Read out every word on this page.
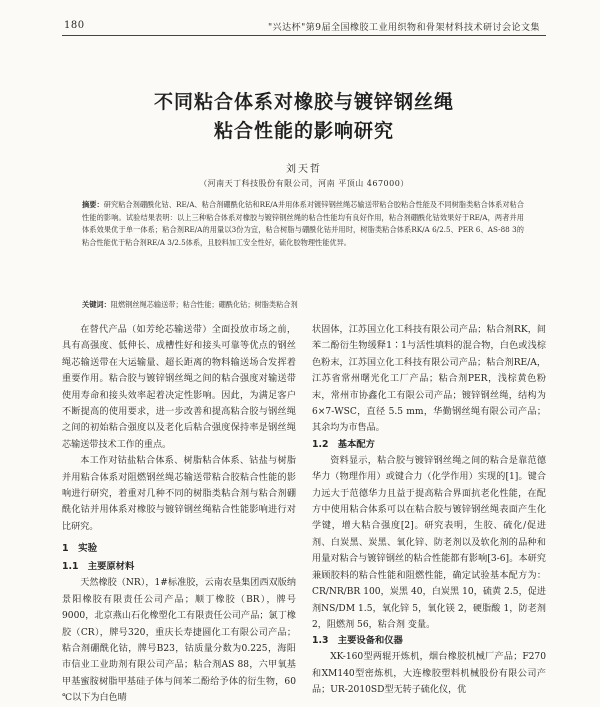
180	"兴达杯"第9届全国橡胶工业用织物和骨架材料技术研讨会论文集
不同粘合体系对橡胶与镀锌钢丝绳
粘合性能的影响研究
刘天哲
（河南天丁科技股份有限公司，河南 平顶山 467000）
摘要：研究粘合剂硼酰化钴、RE/A、粘合剂硼酰化钴和RE/A并用体系对镀锌钢丝绳芯输送带粘合胶粘合性能及不同树脂类粘合体系对粘合性能的影响。试验结果表明：以上三种粘合体系对橡胶与镀锌钢丝绳的粘合性能均有良好作用，粘合剂硼酰化钴效果好于RE/A，两者并用体系效果优于单一体系；粘合剂RE/A的用量以3份为宜，粘合树脂与硼酰化钴并用时，树脂类粘合体系RK/A 6/2.5、PER 6、AS-88 3的粘合性能优于粘合剂RE/A 3/2.5体系，且胶料加工安全性好，硫化胶物理性能优异。
关键词：阻燃钢丝绳芯输送带；粘合性能；硼酰化钴；树脂类粘合剂

在替代产品（如芳纶芯输送带）全面投放市场之前，具有高强度、低伸长、成槽性好和接头可靠等优点的钢丝绳芯输送带在大运输量、超长距离的物料输送场合发挥着重要作用。粘合胶与镀锌钢丝绳之间的粘合强度对输送带使用寿命和接头效率起着决定性影响。因此，为满足客户不断提高的使用要求，进一步改善和提高粘合胶与钢丝绳之间的初始粘合强度以及老化后粘合强度保持率是钢丝绳芯输送带技术工作的重点。

本工作对钴盐粘合体系、树脂粘合体系、钴盐与树脂并用粘合体系对阻燃钢丝绳芯输送带粘合胶粘合性能的影响进行研究，着重对几种不同的树脂类粘合剂与粘合剂硼酰化钴并用体系对橡胶与镀锌钢丝绳粘合性能影响进行对比研究。

1　实验
1.1　主要原材料

天然橡胶（NR），1#标准胶，云南农垦集团西双版纳景阳橡胶有限责任公司产品；顺丁橡胶（BR），牌号9000，北京燕山石化橡塑化工有限责任公司产品；氯丁橡胶（CR），牌号320，重庆长寿捷圆化工有限公司产品；粘合剂硼酰化钴，牌号B23，钴质量分数为0.225，海阳市信业工业助剂有限公司产品；粘合剂AS 88，六甲氧基甲基蜜胺树脂甲基硅子体与间苯二酚给予体的衍生物，60 ℃以下为白色晴

状固体，江苏国立化工科技有限公司产品；粘合剂RK，间苯二酚衍生物缓释1∶1与活性填料的混合物，白色或浅棕色粉末，江苏国立化工科技有限公司产品；粘合剂RE/A，江苏省常州曙光化工厂产品；粘合剂PER，浅棕黄色粉末，常州市协鑫化工有限公司产品；镀锌钢丝绳，结构为6×7-WSC，直径 5.5 mm，华勤钢丝绳有限公司产品；其余均为市售品。

1.2　基本配方

资料显示，粘合胶与镀锌钢丝绳之间的粘合是靠范德华力（物理作用）或键合力（化学作用）实现的[1]。键合力远大于范德华力且益于提高粘合界面抗老化性能，在配方中使用粘合体系可以在粘合胶与镀锌钢丝绳表面产生化学键，增大粘合强度[2]。研究表明，生胶、硫化/促进剂、白炭黑、炭黑、氧化锌、防老剂以及软化剂的品种和用量对粘合与镀锌钢丝的粘合性能都有影响[3-6]。本研究兼顾胶料的粘合性能和阻燃性能，确定试验基本配方为：CR/NR/BR 100，炭黑 40，白炭黑 10，硫黄 2.5，促进剂NS/DM 1.5，氧化锌 5，氧化镁 2，硬脂酸 1，防老剂 2，阻燃剂 56，粘合剂 变量。

1.3　主要设备和仪器

XK-160型两辊开炼机，烟台橡胶机械厂产品；F270和XM140型密炼机，大连橡胶塑料机械股份有限公司产品；UR-2010SD型无转子硫化仪，优
